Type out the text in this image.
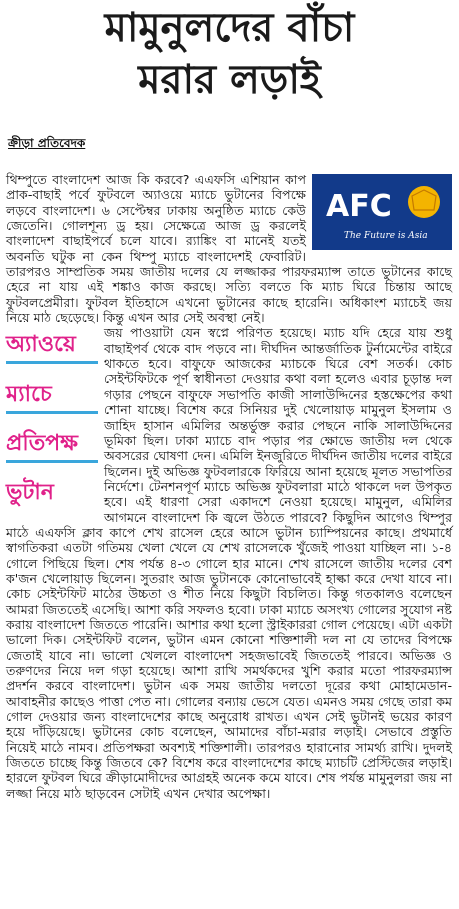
মামুনুলদের বাঁচা
মরার লড়াই
ক্রীড়া প্রতিবেদক
AFC
The Future is Asia

থিম্পুতে বাংলাদেশ আজ কি করবে? এএফসি এশিয়ান কাপ প্রাক-বাছাই পর্বে ফুটবলে অ্যাওয়ে ম্যাচে ভুটানের বিপক্ষে লড়বে বাংলাদেশ। ৬ সেপ্টেম্বর ঢাকায় অনুষ্ঠিত ম্যাচে কেউ জেতেনি। গোলশূন্য ড্র হয়। সেক্ষেত্রে আজ ড্র করলেই বাংলাদেশ বাছাইপর্বে চলে যাবে। র‍্যাঙ্কিং বা মানেই যতই অবনতি ঘটুক না কেন থিম্পু ম্যাচে বাংলাদেশই ফেবারিট। তারপরও সাম্প্রতিক সময় জাতীয় দলের যে লজ্জাকর পারফরম্যান্স তাতে ভুটানের কাছে হেরে না যায় এই শঙ্কাও কাজ করছে। সত্যি বলতে কি ম্যাচ ঘিরে চিন্তায় আছে ফুটবলপ্রেমীরা। ফুটবল ইতিহাসে এখনো ভুটানের কাছে হারেনি। অধিকাংশ ম্যাচেই জয় নিয়ে মাঠ ছেড়েছে। কিন্তু এখন আর সেই অবস্থা নেই।

অ্যাওয়ে
ম্যাচে
প্রতিপক্ষ
ভুটান

জয় পাওয়াটা যেন স্বপ্নে পরিণত হয়েছে। ম্যাচ যদি হেরে যায় শুধু বাছাইপর্ব থেকে বাদ পড়বে না। দীর্ঘদিন আন্তর্জাতিক টুর্নামেন্টের বাইরে থাকতে হবে। বাফুফে আজকের ম্যাচকে ঘিরে বেশ সতর্ক। কোচ সেইন্টফিটকে পূর্ণ স্বাধীনতা দেওয়ার কথা বলা হলেও এবার চূড়ান্ত দল গড়ার পেছনে বাফুফে সভাপতি কাজী সালাউদ্দিনের হস্তক্ষেপের কথা শোনা যাচ্ছে। বিশেষ করে সিনিয়র দুই খেলোয়াড় মামুনুল ইসলাম ও জাহিদ হাসান এমিলির অন্তর্ভুক্ত করার পেছনে নাকি সালাউদ্দিনের ভূমিকা ছিল। ঢাকা ম্যাচে বাদ পড়ার পর ক্ষোভে জাতীয় দল থেকে অবসরের ঘোষণা দেন। এমিলি ইনজুরিতে দীর্ঘদিন জাতীয় দলের বাইরে ছিলেন। দুই অভিজ্ঞ ফুটবলারকে ফিরিয়ে আনা হয়েছে মূলত সভাপতির নির্দেশে। টেনশনপূর্ণ ম্যাচে অভিজ্ঞ ফুটবলারা মাঠে থাকলে দল উপকৃত হবে। এই ধারণা সেরা একাদশে নেওয়া হয়েছে। মামুনুল, এমিলির আগমনে বাংলাদেশ কি জ্বলে উঠতে পারবে? কিছুদিন আগেও থিম্পুর মাঠে এএফসি ক্লাব কাপে শেখ রাসেল হেরে আসে ভুটান চ্যাম্পিয়নের কাছে। প্রথমার্ধে স্বাগতিকরা এতটা গতিময় খেলা খেলে যে শেখ রাসেলকে খুঁজেই পাওয়া যাচ্ছিল না। ১-৪ গোলে পিছিয়ে ছিল। শেষ পর্যন্ত ৪-৩ গোলে হার মানে। শেখ রাসেলে জাতীয় দলের বেশ ক'জন খেলোয়াড় ছিলেন। সুতরাং আজ ভুটানকে কোনোভাবেই হাল্কা করে দেখা যাবে না। কোচ সেইন্টফিট মাঠের উচ্চতা ও শীত নিয়ে কিছুটা বিচলিত। কিন্তু গতকালও বলেছেন আমরা জিততেই এসেছি। আশা করি সফলও হবো। ঢাকা ম্যাচে অসংখ্য গোলের সুযোগ নষ্ট করায় বাংলাদেশ জিততে পারেনি। আশার কথা হলো স্ট্রাইকাররা গোল পেয়েছে। এটা একটা ভালো দিক। সেইন্টফিট বলেন, ভুটান এমন কোনো শক্তিশালী দল না যে তাদের বিপক্ষে জেতাই যাবে না। ভালো খেললে বাংলাদেশ সহজভাবেই জিততেই পারবে। অভিজ্ঞ ও তরুণদের নিয়ে দল গড়া হয়েছে। আশা রাখি সমর্থকদের খুশি করার মতো পারফরম্যান্স প্রদর্শন করবে বাংলাদেশ। ভুটান এক সময় জাতীয় দলতো দূরের কথা মোহামেডান-আবাহনীর কাছেও পাত্তা পেত না। গোলের বন্যায় ভেসে যেত। এমনও সময় গেছে তারা কম গোল দেওয়ার জন্য বাংলাদেশের কাছে অনুরোধ রাখত। এখন সেই ভুটানই ভয়ের কারণ হয়ে দাঁড়িয়েছে। ভুটানের কোচ বলেছেন, আমাদের বাঁচা-মরার লড়াই। সেভাবে প্রস্তুতি নিয়েই মাঠে নামব। প্রতিপক্ষরা অবশ্যই শক্তিশালী। তারপরও হারানোর সামর্থ্য রাখি। দুদলই জিততে চাচ্ছে কিন্তু জিতবে কে? বিশেষ করে বাংলাদেশের কাছে ম্যাচটি প্রেস্টিজের লড়াই। হারলে ফুটবল ঘিরে ক্রীড়ামোদীদের আগ্রহই অনেক কমে যাবে। শেষ পর্যন্ত মামুনুলরা জয় না লজ্জা নিয়ে মাঠ ছাড়বেন সেটাই এখন দেখার অপেক্ষা।
